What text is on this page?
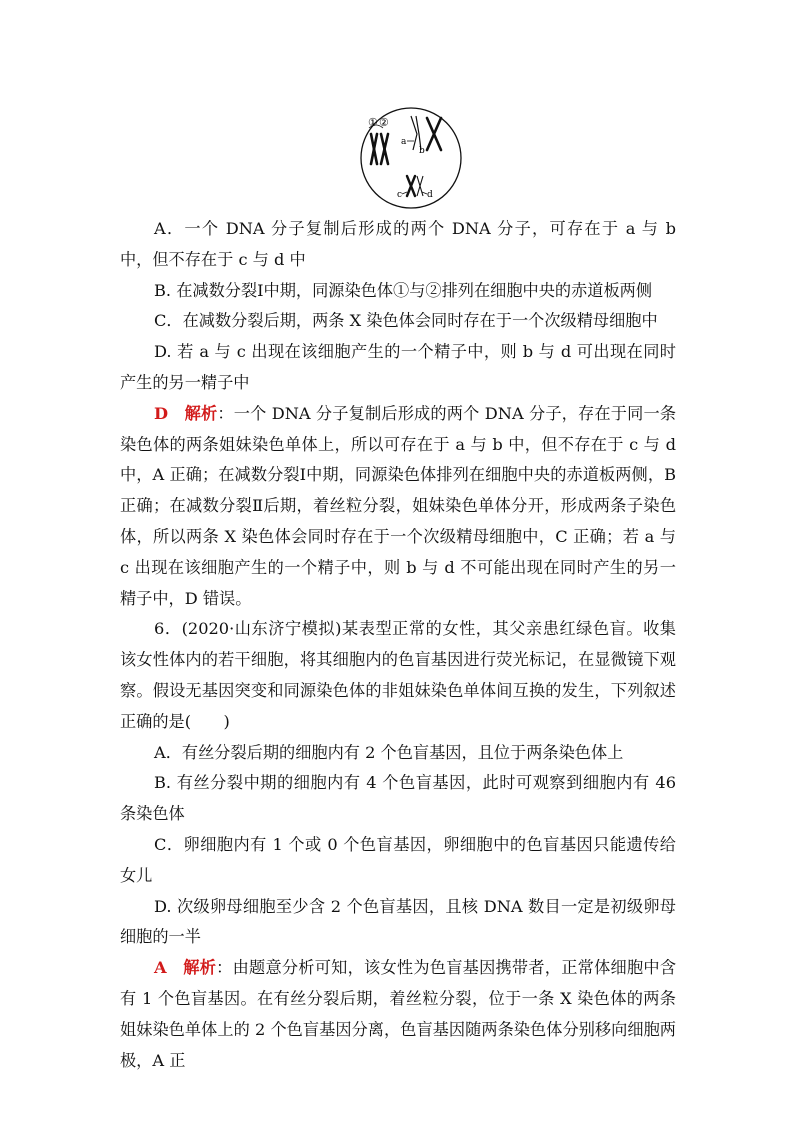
① ②
a
b
c	d

A．一个 DNA 分子复制后形成的两个 DNA 分子，可存在于 a 与 b 中，但不存在于 c 与 d 中

B. 在减数分裂Ⅰ中期，同源染色体①与②排列在细胞中央的赤道板两侧

C．在减数分裂后期，两条 X 染色体会同时存在于一个次级精母细胞中

D. 若 a 与 c 出现在该细胞产生的一个精子中，则 b 与 d 可出现在同时产生的另一精子中

D　 解析：一个 DNA 分子复制后形成的两个 DNA 分子，存在于同一条染色体的两条姐妹染色单体上，所以可存在于 a 与 b 中，但不存在于 c 与 d 中，A 正确；在减数分裂Ⅰ中期，同源染色体排列在细胞中央的赤道板两侧，B 正确；在减数分裂Ⅱ后期，着丝粒分裂，姐妹染色单体分开，形成两条子染色体，所以两条 X 染色体会同时存在于一个次级精母细胞中，C 正确；若 a 与 c 出现在该细胞产生的一个精子中，则 b 与 d 不可能出现在同时产生的另一精子中，D 错误。

6．(2020·山东济宁模拟)某表型正常的女性，其父亲患红绿色盲。收集该女性体内的若干细胞，将其细胞内的色盲基因进行荧光标记，在显微镜下观察。假设无基因突变和同源染色体的非姐妹染色单体间互换的发生，下列叙述正确的是(　　)

A．有丝分裂后期的细胞内有 2 个色盲基因，且位于两条染色体上

B. 有丝分裂中期的细胞内有 4 个色盲基因，此时可观察到细胞内有 46 条染色体

C．卵细胞内有 1 个或 0 个色盲基因，卵细胞中的色盲基因只能遗传给女儿

D. 次级卵母细胞至少含 2 个色盲基因，且核 DNA 数目一定是初级卵母细胞的一半

A　 解析：由题意分析可知，该女性为色盲基因携带者，正常体细胞中含有 1 个色盲基因。在有丝分裂后期，着丝粒分裂，位于一条 X 染色体的两条姐妹染色单体上的 2 个色盲基因分离，色盲基因随两条染色体分别移向细胞两极，A 正
